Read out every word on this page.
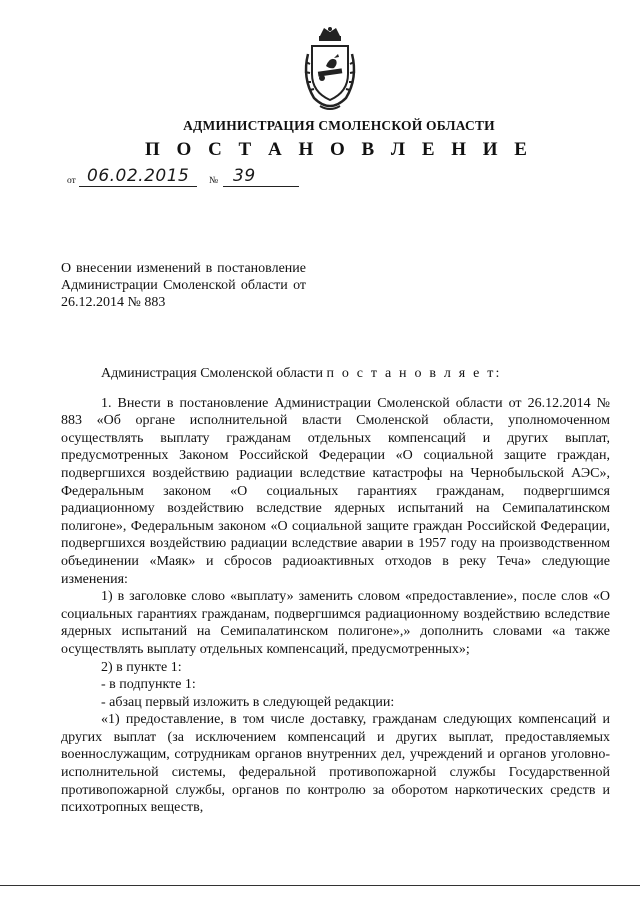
АДМИНИСТРАЦИЯ СМОЛЕНСКОЙ ОБЛАСТИ
П О С Т А Н О В Л Е Н И Е
от 06.02.2015 № 39
О внесении изменений в постановление Администрации Смоленской области от 26.12.2014 № 883

Администрация Смоленской области п о с т а н о в л я е т:

1. Внести в постановление Администрации Смоленской области от 26.12.2014 № 883 «Об органе исполнительной власти Смоленской области, уполномоченном осуществлять выплату гражданам отдельных компенсаций и других выплат, предусмотренных Законом Российской Федерации «О социальной защите граждан, подвергшихся воздействию радиации вследствие катастрофы на Чернобыльской АЭС», Федеральным законом «О социальных гарантиях гражданам, подвергшимся радиационному воздействию вследствие ядерных испытаний на Семипалатинском полигоне», Федеральным законом «О социальной защите граждан Российской Федерации, подвергшихся воздействию радиации вследствие аварии в 1957 году на производственном объединении «Маяк» и сбросов радиоактивных отходов в реку Теча» следующие изменения:

1) в заголовке слово «выплату» заменить словом «предоставление», после слов «О социальных гарантиях гражданам, подвергшимся радиационному воздействию вследствие ядерных испытаний на Семипалатинском полигоне»,» дополнить словами «а также осуществлять выплату отдельных компенсаций, предусмотренных»;

2) в пункте 1:

- в подпункте 1:

- абзац первый изложить в следующей редакции:

«1) предоставление, в том числе доставку, гражданам следующих компенсаций и других выплат (за исключением компенсаций и других выплат, предоставляемых военнослужащим, сотрудникам органов внутренних дел, учреждений и органов уголовно-исполнительной системы, федеральной противопожарной службы Государственной противопожарной службы, органов по контролю за оборотом наркотических средств и психотропных веществ,
